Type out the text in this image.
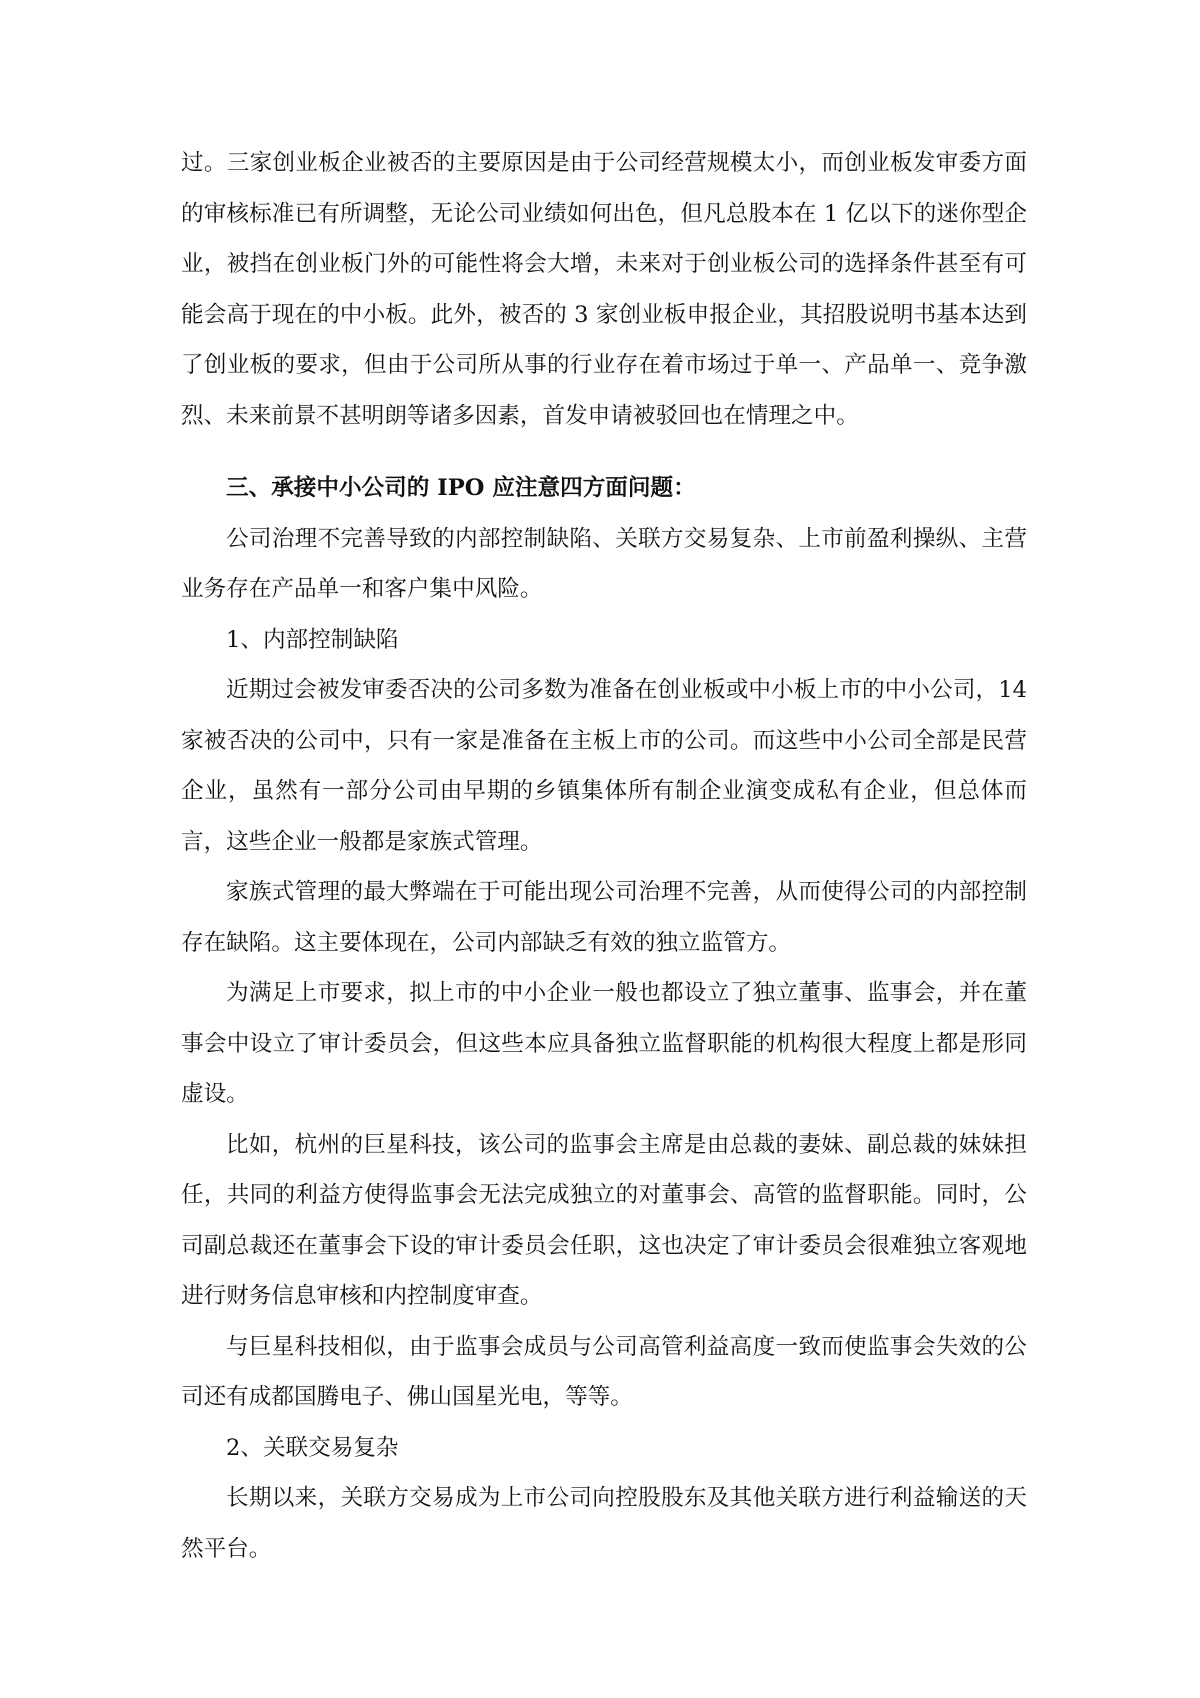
过。三家创业板企业被否的主要原因是由于公司经营规模太小，而创业板发审委方面的审核标准已有所调整，无论公司业绩如何出色，但凡总股本在 1 亿以下的迷你型企业，被挡在创业板门外的可能性将会大增，未来对于创业板公司的选择条件甚至有可能会高于现在的中小板。此外，被否的 3 家创业板申报企业，其招股说明书基本达到了创业板的要求，但由于公司所从事的行业存在着市场过于单一、产品单一、竞争激烈、未来前景不甚明朗等诸多因素，首发申请被驳回也在情理之中。

三、承接中小公司的 IPO 应注意四方面问题：

公司治理不完善导致的内部控制缺陷、关联方交易复杂、上市前盈利操纵、主营业务存在产品单一和客户集中风险。

1、内部控制缺陷

近期过会被发审委否决的公司多数为准备在创业板或中小板上市的中小公司，14 家被否决的公司中，只有一家是准备在主板上市的公司。而这些中小公司全部是民营企业，虽然有一部分公司由早期的乡镇集体所有制企业演变成私有企业，但总体而言，这些企业一般都是家族式管理。

家族式管理的最大弊端在于可能出现公司治理不完善，从而使得公司的内部控制存在缺陷。这主要体现在，公司内部缺乏有效的独立监管方。

为满足上市要求，拟上市的中小企业一般也都设立了独立董事、监事会，并在董事会中设立了审计委员会，但这些本应具备独立监督职能的机构很大程度上都是形同虚设。

比如，杭州的巨星科技，该公司的监事会主席是由总裁的妻妹、副总裁的妹妹担任，共同的利益方使得监事会无法完成独立的对董事会、高管的监督职能。同时，公司副总裁还在董事会下设的审计委员会任职，这也决定了审计委员会很难独立客观地进行财务信息审核和内控制度审查。

与巨星科技相似，由于监事会成员与公司高管利益高度一致而使监事会失效的公司还有成都国腾电子、佛山国星光电，等等。

2、关联交易复杂

长期以来，关联方交易成为上市公司向控股股东及其他关联方进行利益输送的天然平台。
